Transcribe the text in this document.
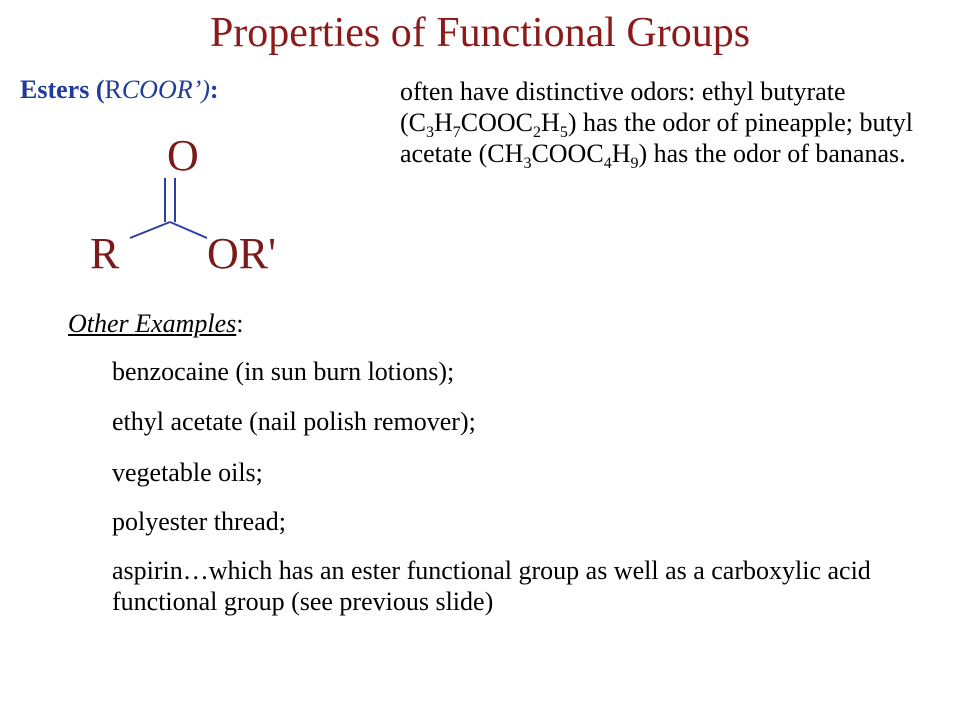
Properties of Functional Groups
Esters (RCOOR’):	often have distinctive odors: ethyl butyrate $(C_3H_7COOC_2H_5)$ has the odor of pineapple; butyl acetate $(CH_3COOC_4H_9)$ has the odor of bananas.
O
R OR'
Other Examples:
benzocaine (in sun burn lotions);
ethyl acetate (nail polish remover);
vegetable oils;
polyester thread;
aspirin…which has an ester functional group as well as a carboxylic acid functional group (see previous slide)
